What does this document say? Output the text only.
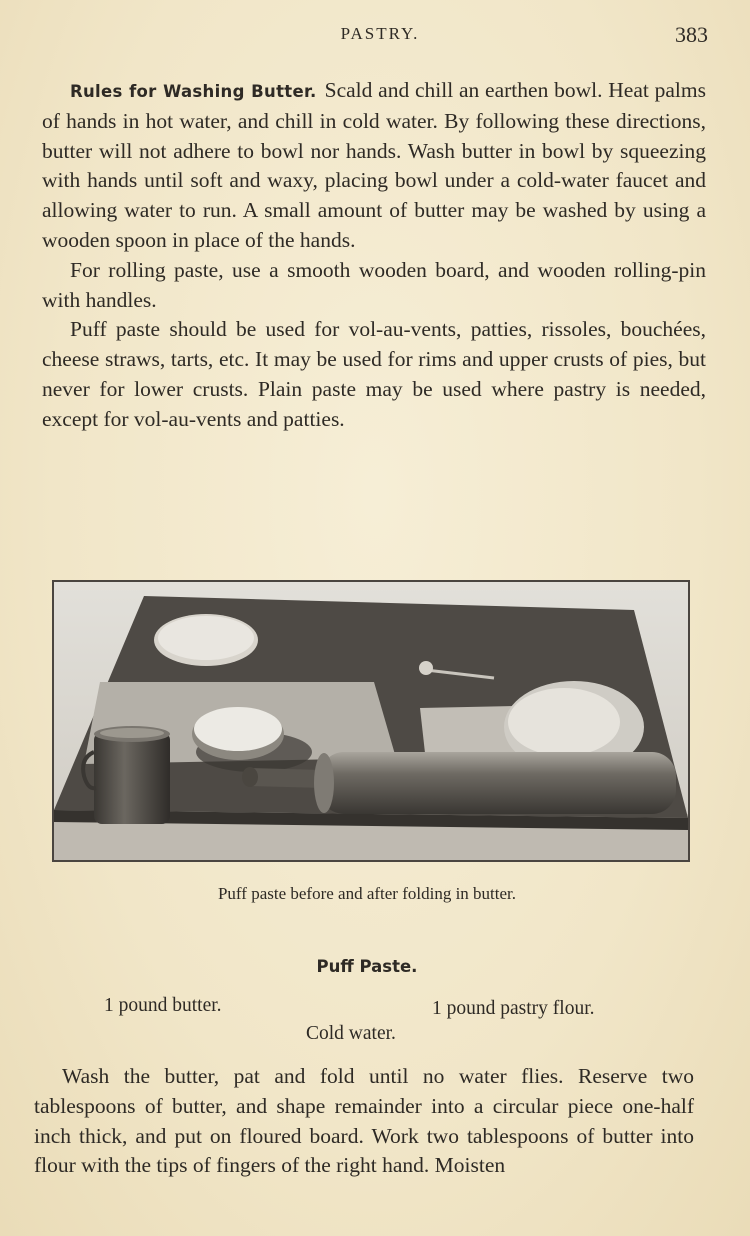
PASTRY.	383

Rules for Washing Butter. Scald and chill an earthen bowl. Heat palms of hands in hot water, and chill in cold water. By following these directions, butter will not adhere to bowl nor hands. Wash butter in bowl by squeezing with hands until soft and waxy, placing bowl under a cold-water faucet and allowing water to run. A small amount of butter may be washed by using a wooden spoon in place of the hands.

For rolling paste, use a smooth wooden board, and wooden rolling-pin with handles.

Puff paste should be used for vol-au-vents, patties, rissoles, bouchées, cheese straws, tarts, etc. It may be used for rims and upper crusts of pies, but never for lower crusts. Plain paste may be used where pastry is needed, except for vol-au-vents and patties.

Puff paste before and after folding in butter.
Puff Paste.
1 pound butter.	1 pound pastry flour.
Cold water.

Wash the butter, pat and fold until no water flies. Reserve two tablespoons of butter, and shape remainder into a circular piece one-half inch thick, and put on floured board. Work two tablespoons of butter into flour with the tips of fingers of the right hand. Moisten
